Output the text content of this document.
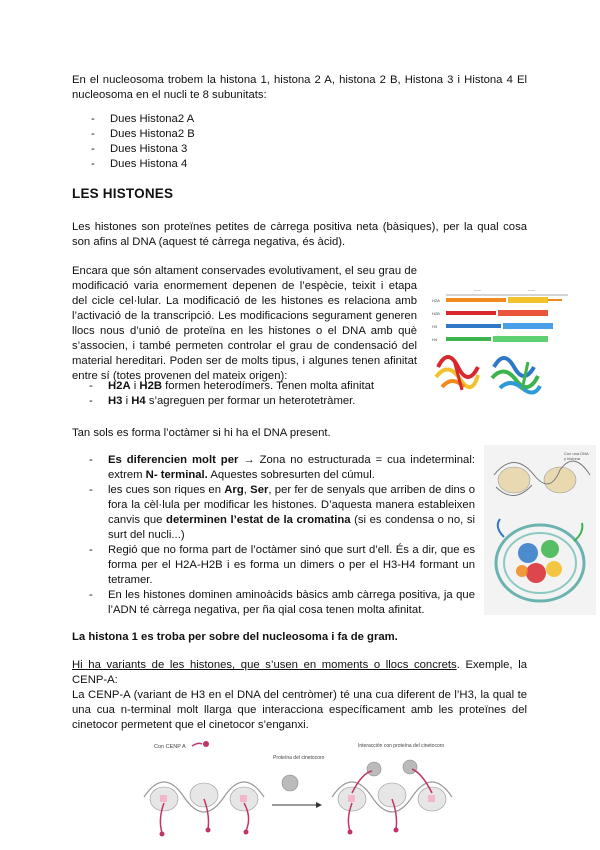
En el nucleosoma trobem la histona 1, histona 2 A, histona 2 B, Histona 3 i Histona 4 El nucleosoma en el nucli te 8 subunitats:

- Dues Histona2 A
- Dues Histona2 B
- Dues Histona 3
- Dues Histona 4
LES HISTONES

Les histones son proteïnes petites de càrrega positiva neta (bàsiques), per la qual cosa son afins al DNA (aquest té càrrega negativa, és àcid).

Encara que són altament conservades evolutivament, el seu grau de modificació varia enormement depenen de l’espècie, teixit i etapa del cicle cel·lular. La modificació de les histones es relaciona amb l’activació de la transcripció. Les modificacions segurament generen llocs nous d’unió de proteïna en les histones o el DNA amb què s’associen, i també permeten controlar el grau de condensació del material hereditari. Poden ser de molts tipus, i algunes tenen afinitat entre sí (totes provenen del mateix origen):

- H2A i H2B formen heterodímers. Tenen molta afinitat
- H3 i H4 s’agreguen per formar un heterotetràmer.
~~~	~~~
H2A
H2B
H3
H4

Tan sols es forma l’octàmer si hi ha el DNA present.

- Es diferencien molt per → Zona no estructurada = cua indeterminal: extrem N- terminal. Aquestes sobresurten del cúmul.
- les cues son riques en Arg, Ser, per fer de senyals que arriben de dins o fora la cèl·lula per modificar les histones. D’aquesta manera estableixen canvis que determinen l’estat de la cromatina (si es condensa o no, si surt del nucli...)
- Regió que no forma part de l’octàmer sinó que surt d’ell. És a dir, que es forma per el H2A-H2B i es forma un dimers o per el H3-H4 formant un tetramer.
- En les histones dominen aminoàcids bàsics amb càrrega positiva, ja que l’ADN té càrrega negativa, per ña qial cosa tenen molta afinitat.
Con una DNA
y histona

La histona 1 es troba per sobre del nucleosoma i fa de gram.

Hi ha variants de les histones, que s’usen en moments o llocs concrets. Exemple, la CENP-A:

La CENP-A (variant de H3 en el DNA del centròmer) té una cua diferent de l’H3, la qual te una cua n-terminal molt llarga que interacciona específicament amb les proteïnes del cinetocor permetent que el cinetocor s’enganxi.

Con CENP A
Proteína del cinetocoro
Interacción con proteína del cinetocoro
